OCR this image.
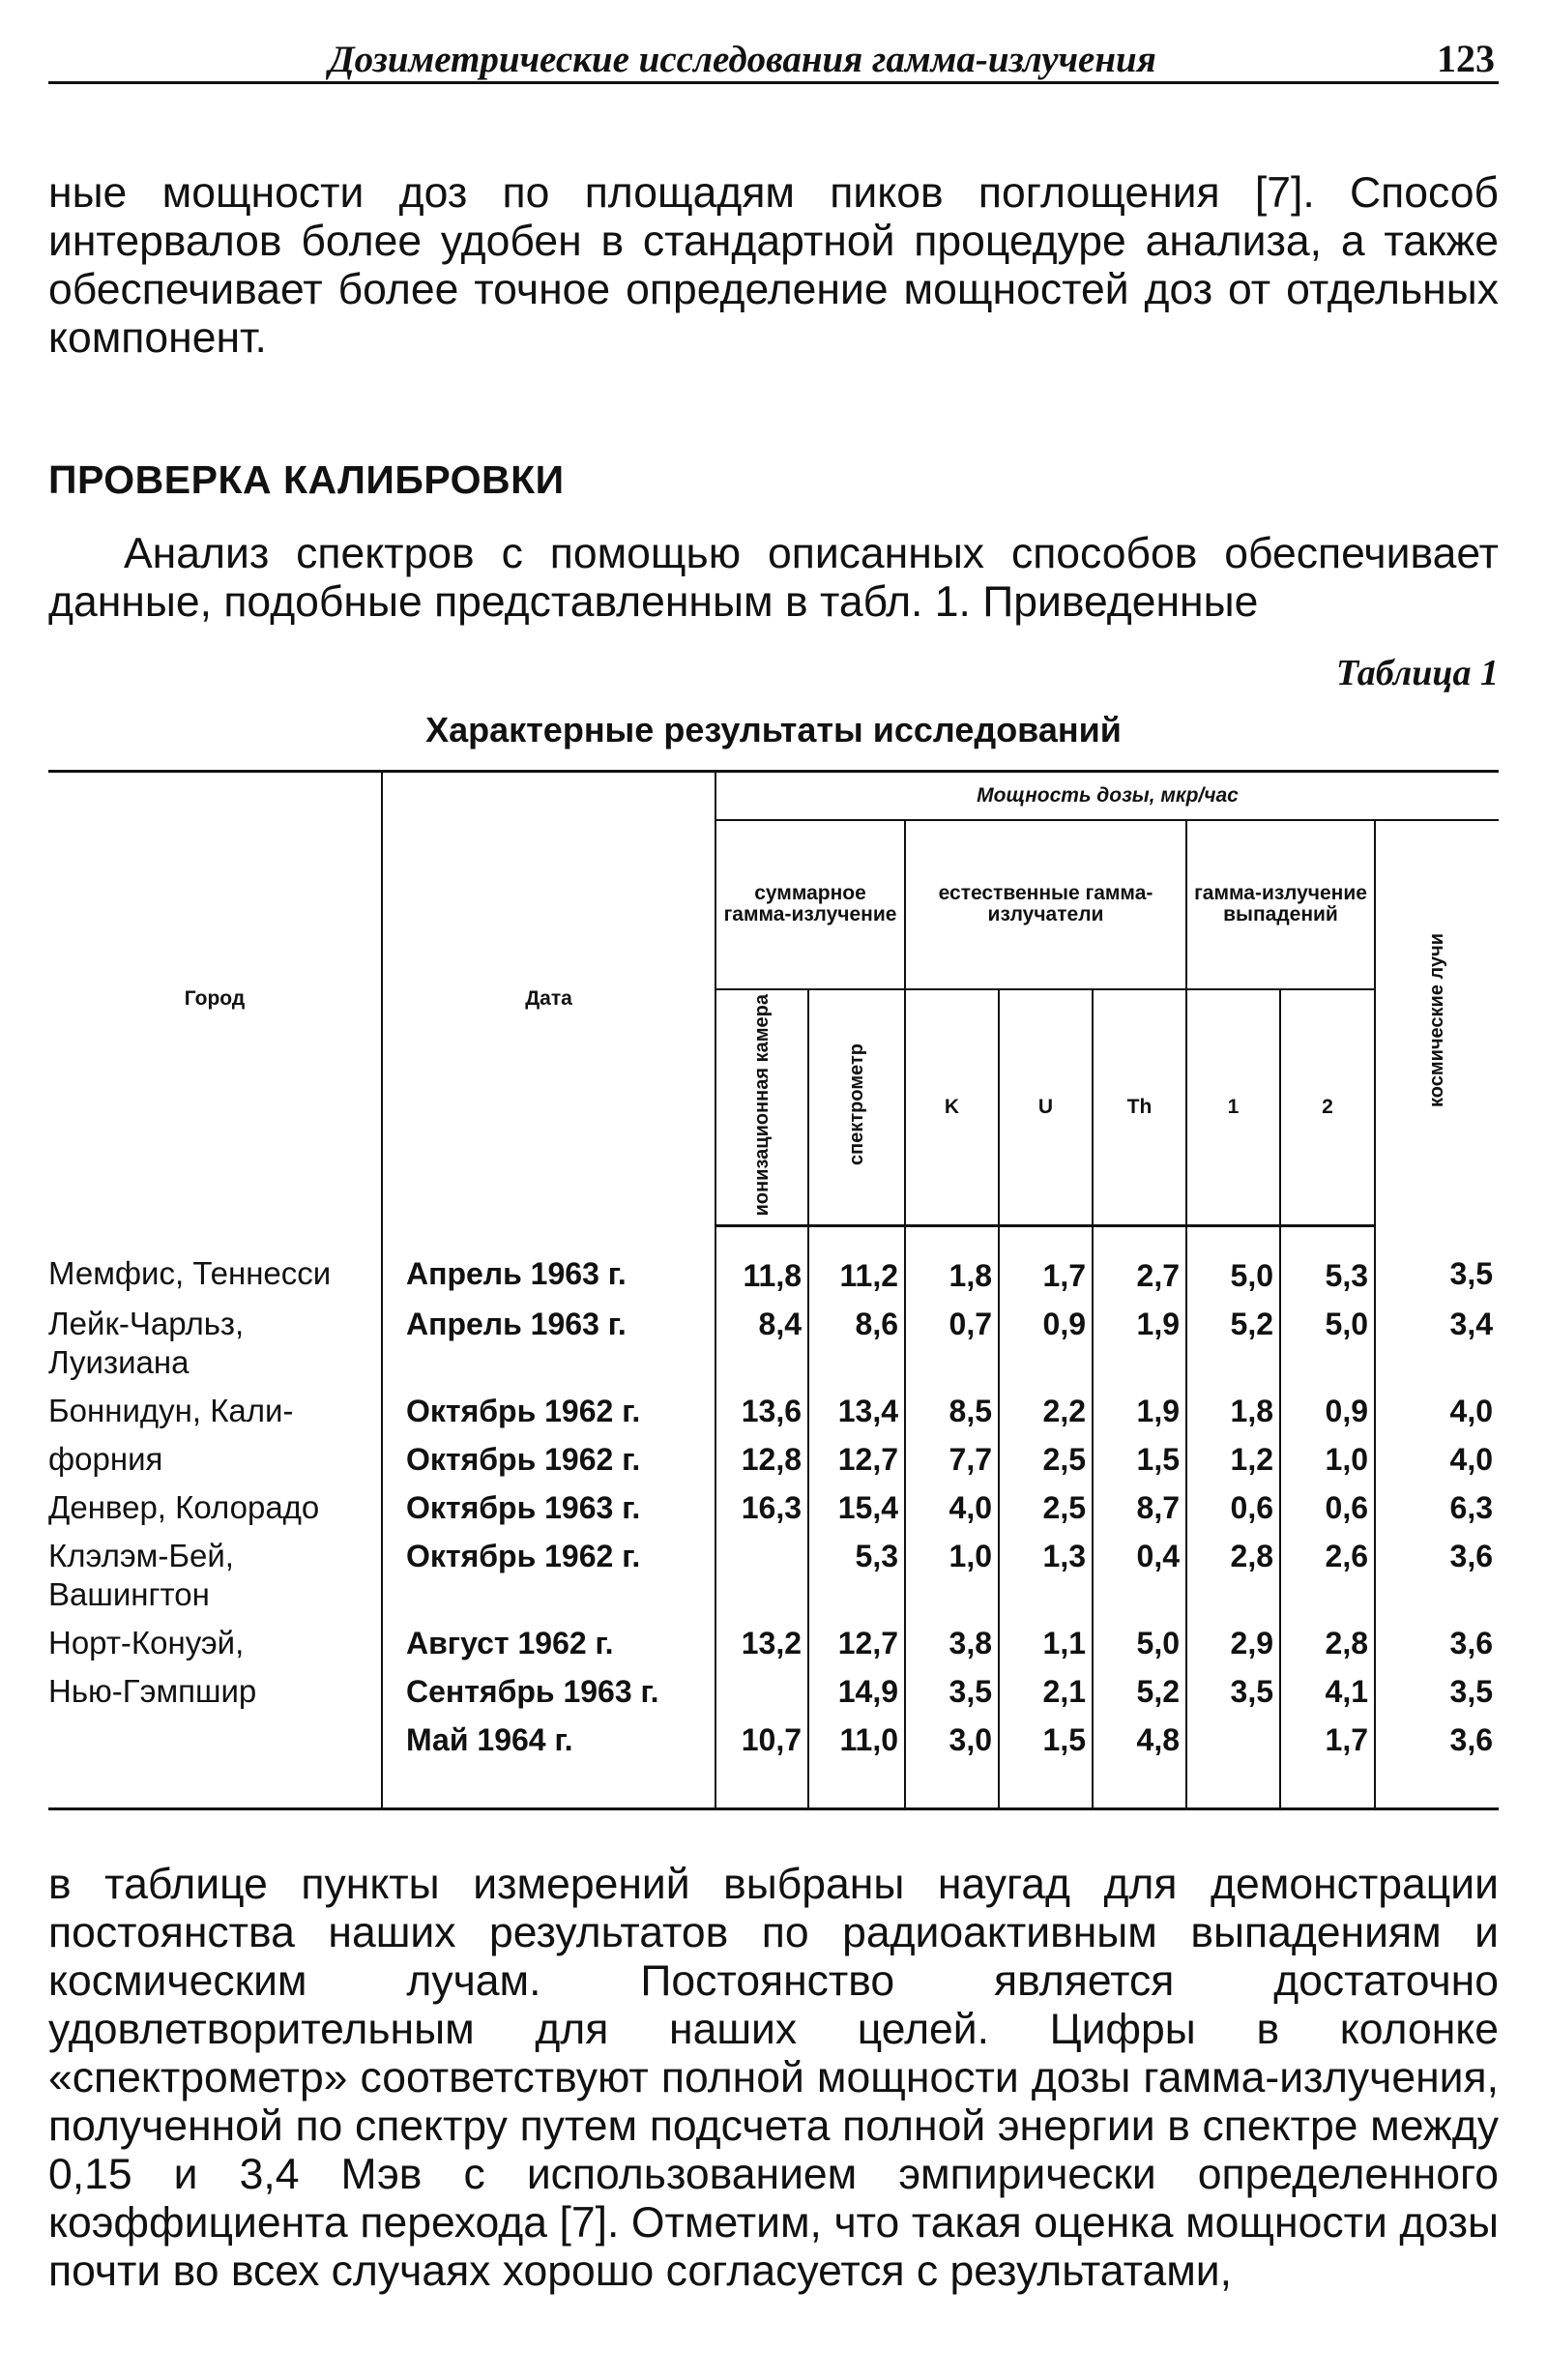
Дозиметрические исследования гамма-излучения	123

ные мощности доз по площадям пиков поглощения [7]. Способ интервалов более удобен в стандартной процедуре анализа, а также обеспечивает более точное определение мощностей доз от отдельных компонент.

ПРОВЕРКА КАЛИБРОВКИ

Анализ спектров с помощью описанных способов обеспечивает данные, подобные представленным в табл. 1. Приведенные

Таблица 1
Характерные результаты исследований
Город	Дата	Мощность дозы, мкр/час							
		суммарное гамма-излучение		естественные гамма-излучатели			гамма-излучение выпадений		космические лучи
		ионизационная камера	спектрометр	K	U	Th	1	2	
Мемфис, Теннесси	Апрель 1963 г.	11,8	11,2	1,8	1,7	2,7	5,0	5,3	3,5
Лейк-Чарльз, Луизиана	Апрель 1963 г.	8,4	8,6	0,7	0,9	1,9	5,2	5,0	3,4
Боннидун, Кали-	Октябрь 1962 г.	13,6	13,4	8,5	2,2	1,9	1,8	0,9	4,0
форния	Октябрь 1962 г.	12,8	12,7	7,7	2,5	1,5	1,2	1,0	4,0
Денвер, Колорадо	Октябрь 1963 г.	16,3	15,4	4,0	2,5	8,7	0,6	0,6	6,3
Клэлэм-Бей, Вашингтон	Октябрь 1962 г.		5,3	1,0	1,3	0,4	2,8	2,6	3,6
Норт-Конуэй,	Август 1962 г.	13,2	12,7	3,8	1,1	5,0	2,9	2,8	3,6
Нью-Гэмпшир	Сентябрь 1963 г.		14,9	3,5	2,1	5,2	3,5	4,1	3,5
	Май 1964 г.	10,7	11,0	3,0	1,5	4,8		1,7	3,6

в таблице пункты измерений выбраны наугад для демонстрации постоянства наших результатов по радиоактивным выпадениям и космическим лучам. Постоянство является достаточно удовлетворительным для наших целей. Цифры в колонке «спектрометр» соответствуют полной мощности дозы гамма-излучения, полученной по спектру путем подсчета полной энергии в спектре между 0,15 и 3,4 Мэв с использованием эмпирически определенного коэффициента перехода [7]. Отметим, что такая оценка мощности дозы почти во всех случаях хорошо согласуется с результатами,
